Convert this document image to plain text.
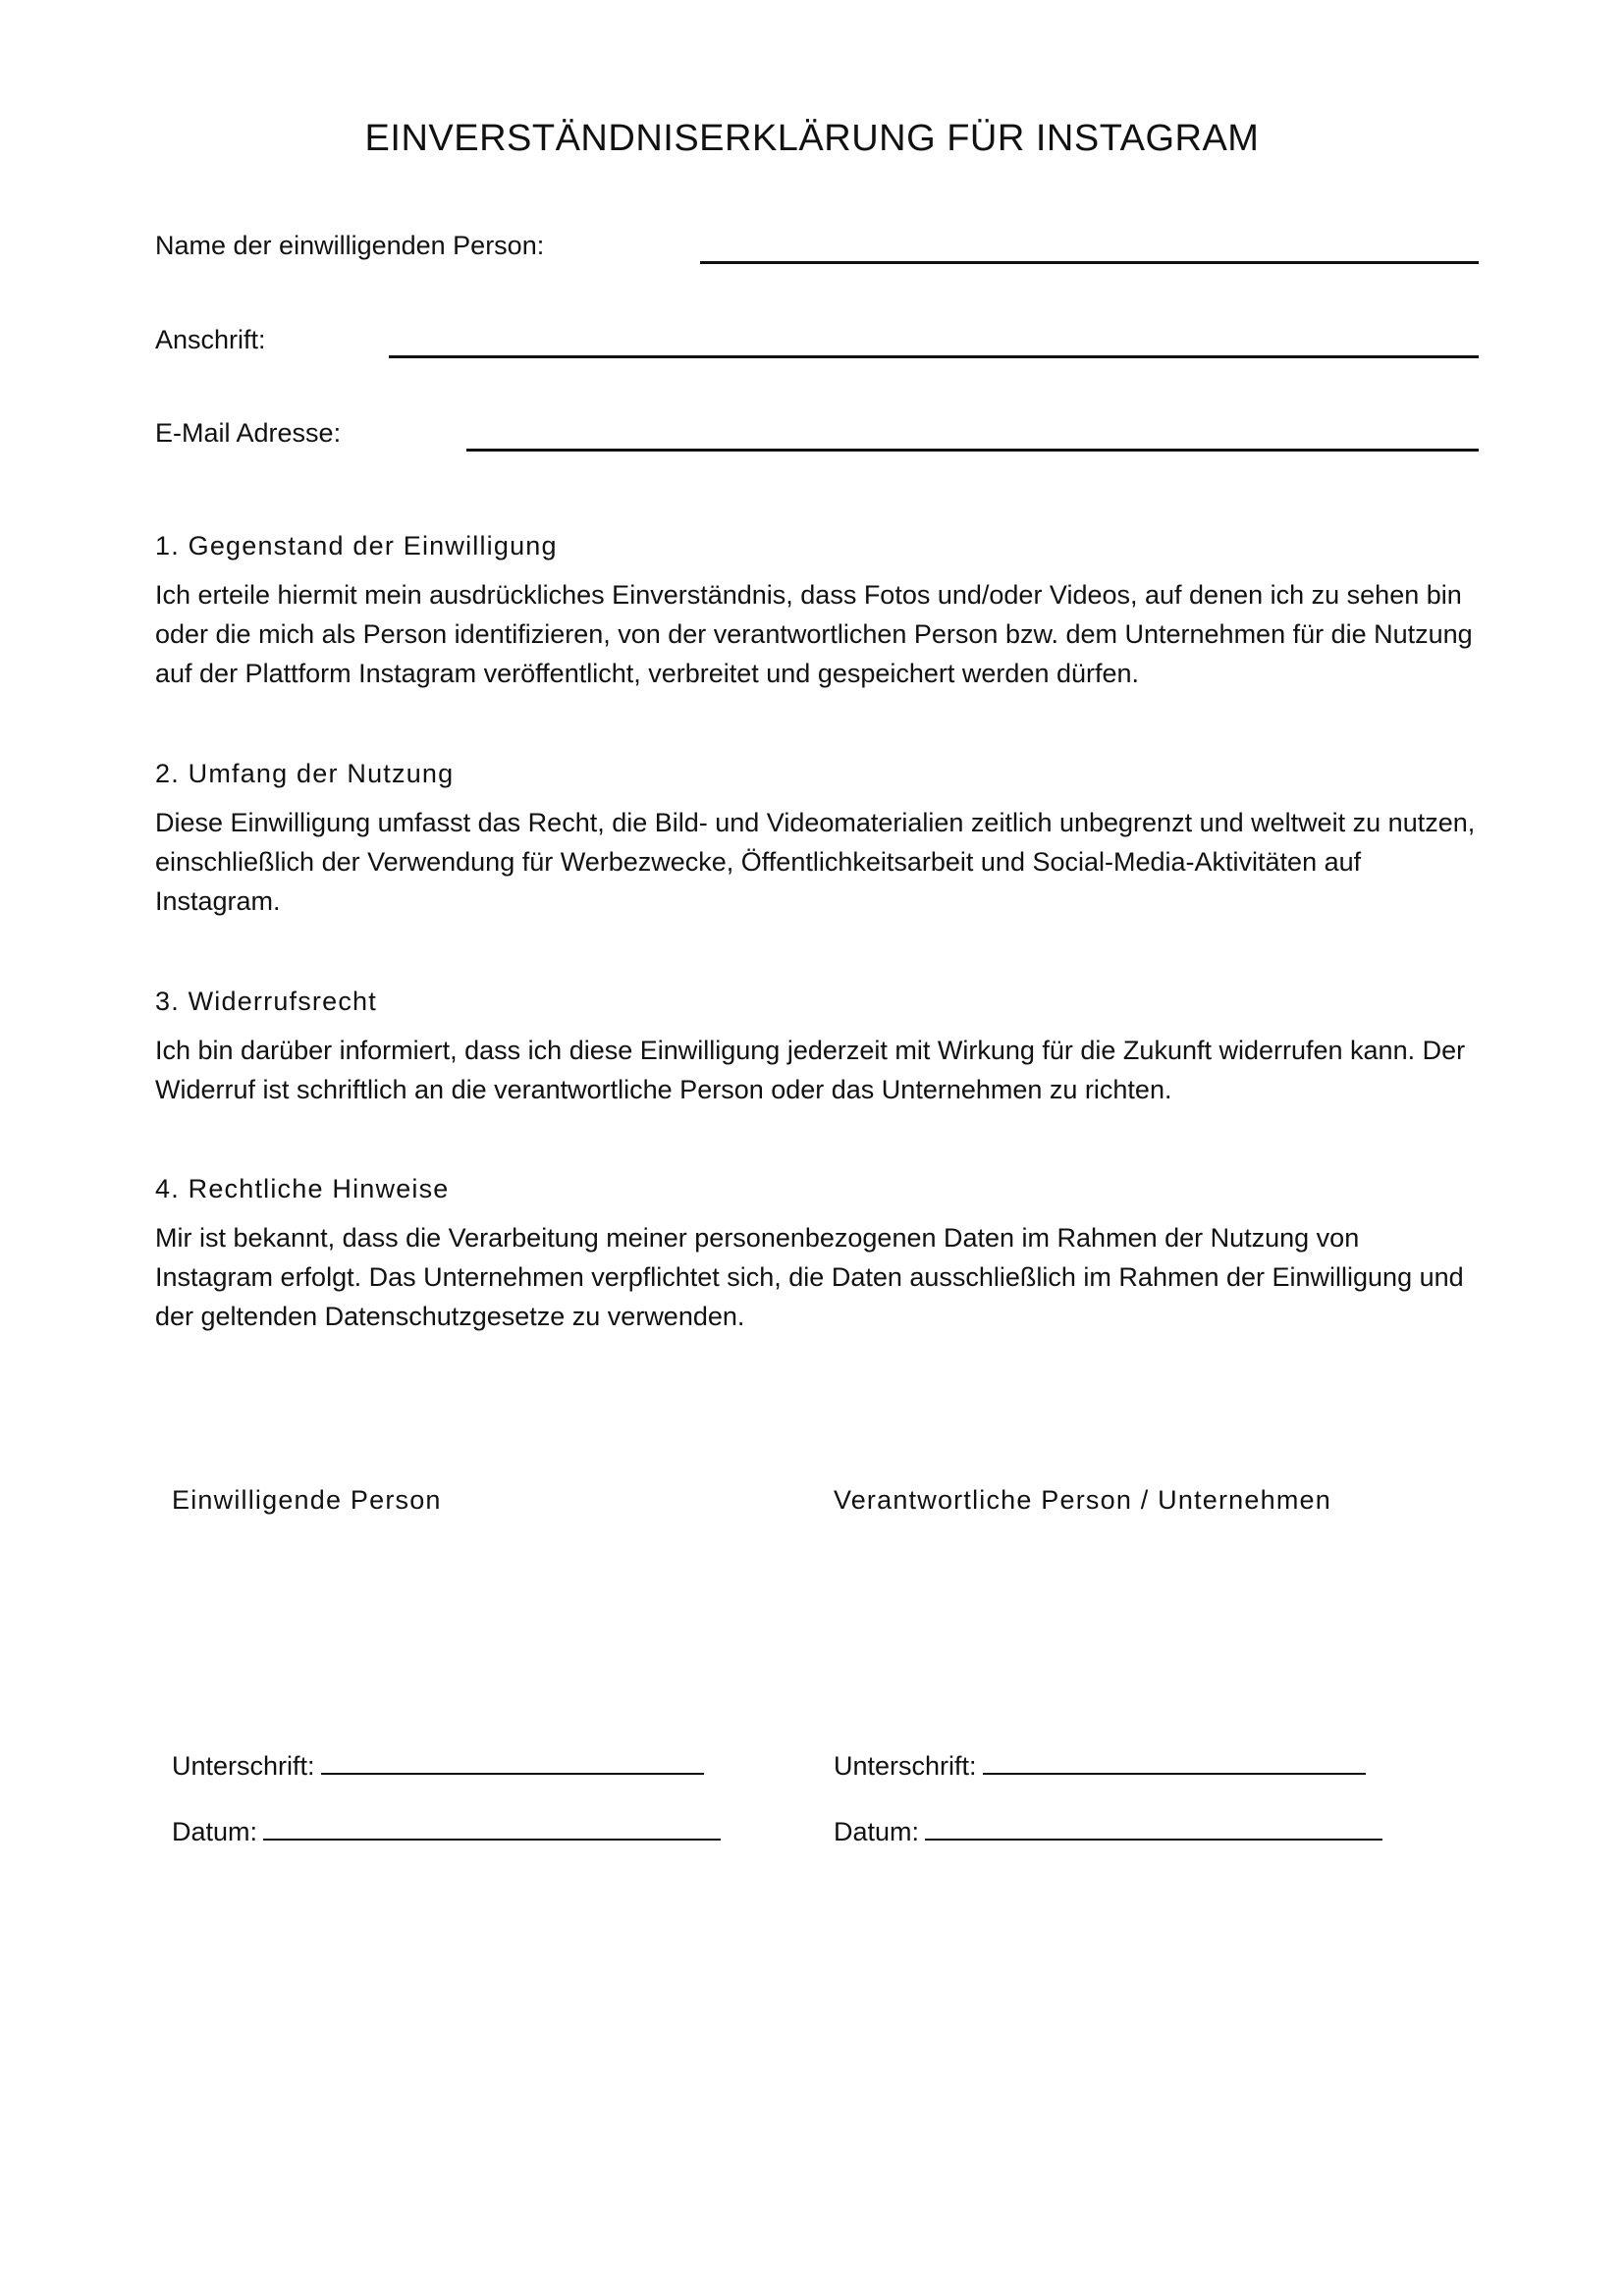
EINVERSTÄNDNISERKLÄRUNG FÜR INSTAGRAM
Name der einwilligenden Person:
Anschrift:
E-Mail Adresse:
1. Gegenstand der Einwilligung

Ich erteile hiermit mein ausdrückliches Einverständnis, dass Fotos und/oder Videos, auf denen ich zu sehen bin oder die mich als Person identifizieren, von der verantwortlichen Person bzw. dem Unternehmen für die Nutzung auf der Plattform Instagram veröffentlicht, verbreitet und gespeichert werden dürfen.

2. Umfang der Nutzung

Diese Einwilligung umfasst das Recht, die Bild- und Videomaterialien zeitlich unbegrenzt und weltweit zu nutzen, einschließlich der Verwendung für Werbezwecke, Öffentlichkeitsarbeit und Social-Media-Aktivitäten auf Instagram.

3. Widerrufsrecht

Ich bin darüber informiert, dass ich diese Einwilligung jederzeit mit Wirkung für die Zukunft widerrufen kann. Der Widerruf ist schriftlich an die verantwortliche Person oder das Unternehmen zu richten.

4. Rechtliche Hinweise

Mir ist bekannt, dass die Verarbeitung meiner personenbezogenen Daten im Rahmen der Nutzung von Instagram erfolgt. Das Unternehmen verpflichtet sich, die Daten ausschließlich im Rahmen der Einwilligung und der geltenden Datenschutzgesetze zu verwenden.

Einwilligende Person	Verantwortliche Person / Unternehmen
Unterschrift:	Unterschrift:
Datum:	Datum:
